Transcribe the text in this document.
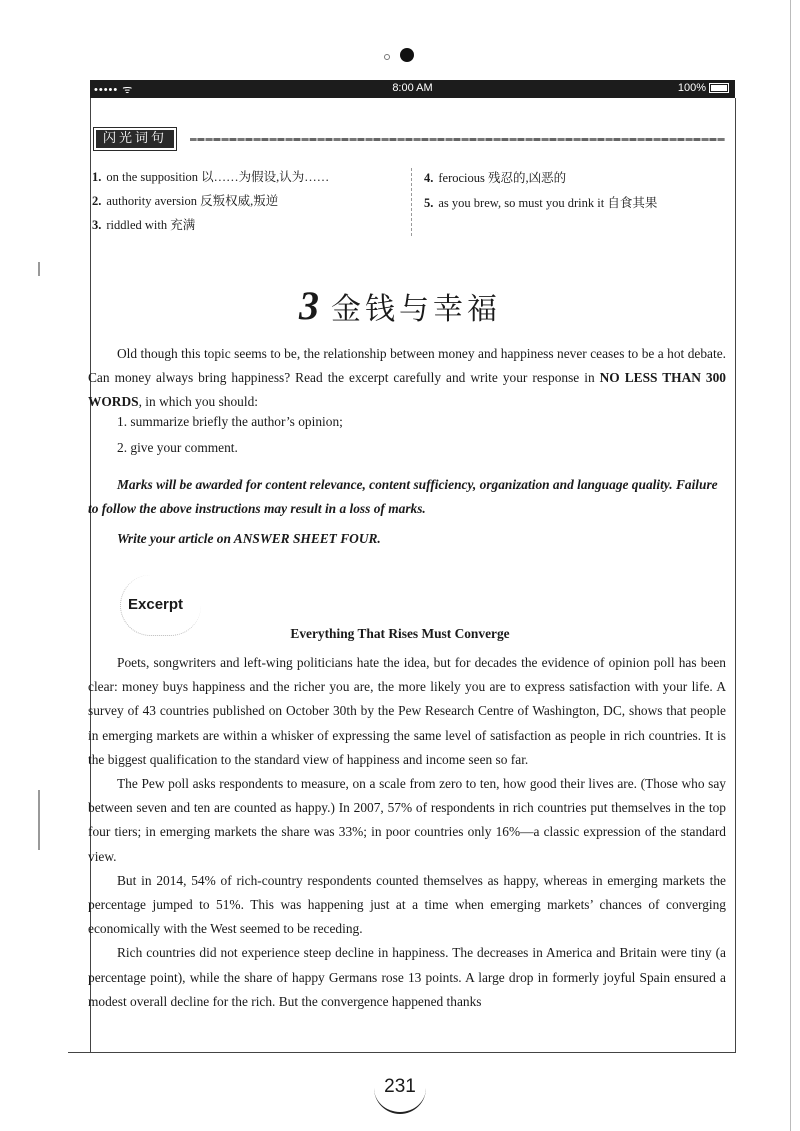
••••• ᯤ	8:00 AM	100%
闪光词句
1. on the supposition 以……为假设,认为……
2. authority aversion 反叛权威,叛逆
3. riddled with 充满
4. ferocious 残忍的,凶恶的
5. as you brew, so must you drink it 自食其果
3 金钱与幸福

Old though this topic seems to be, the relationship between money and happiness never ceases to be a hot debate. Can money always bring happiness? Read the excerpt carefully and write your response in NO LESS THAN 300 WORDS, in which you should:

1. summarize briefly the author’s opinion;
2. give your comment.

Marks will be awarded for content relevance, content sufficiency, organization and language quality. Failure to follow the above instructions may result in a loss of marks.

Write your article on ANSWER SHEET FOUR.

Excerpt
Everything That Rises Must Converge

Poets, songwriters and left-wing politicians hate the idea, but for decades the evidence of opinion poll has been clear: money buys happiness and the richer you are, the more likely you are to express satisfaction with your life. A survey of 43 countries published on October 30th by the Pew Research Centre of Washington, DC, shows that people in emerging markets are within a whisker of expressing the same level of satisfaction as people in rich countries. It is the biggest qualification to the standard view of happiness and income seen so far.

The Pew poll asks respondents to measure, on a scale from zero to ten, how good their lives are. (Those who say between seven and ten are counted as happy.) In 2007, 57% of respondents in rich countries put themselves in the top four tiers; in emerging markets the share was 33%; in poor countries only 16%—a classic expression of the standard view.

But in 2014, 54% of rich-country respondents counted themselves as happy, whereas in emerging markets the percentage jumped to 51%. This was happening just at a time when emerging markets’ chances of converging economically with the West seemed to be receding.

Rich countries did not experience steep decline in happiness. The decreases in America and Britain were tiny (a percentage point), while the share of happy Germans rose 13 points. A large drop in formerly joyful Spain ensured a modest overall decline for the rich. But the convergence happened thanks

231
